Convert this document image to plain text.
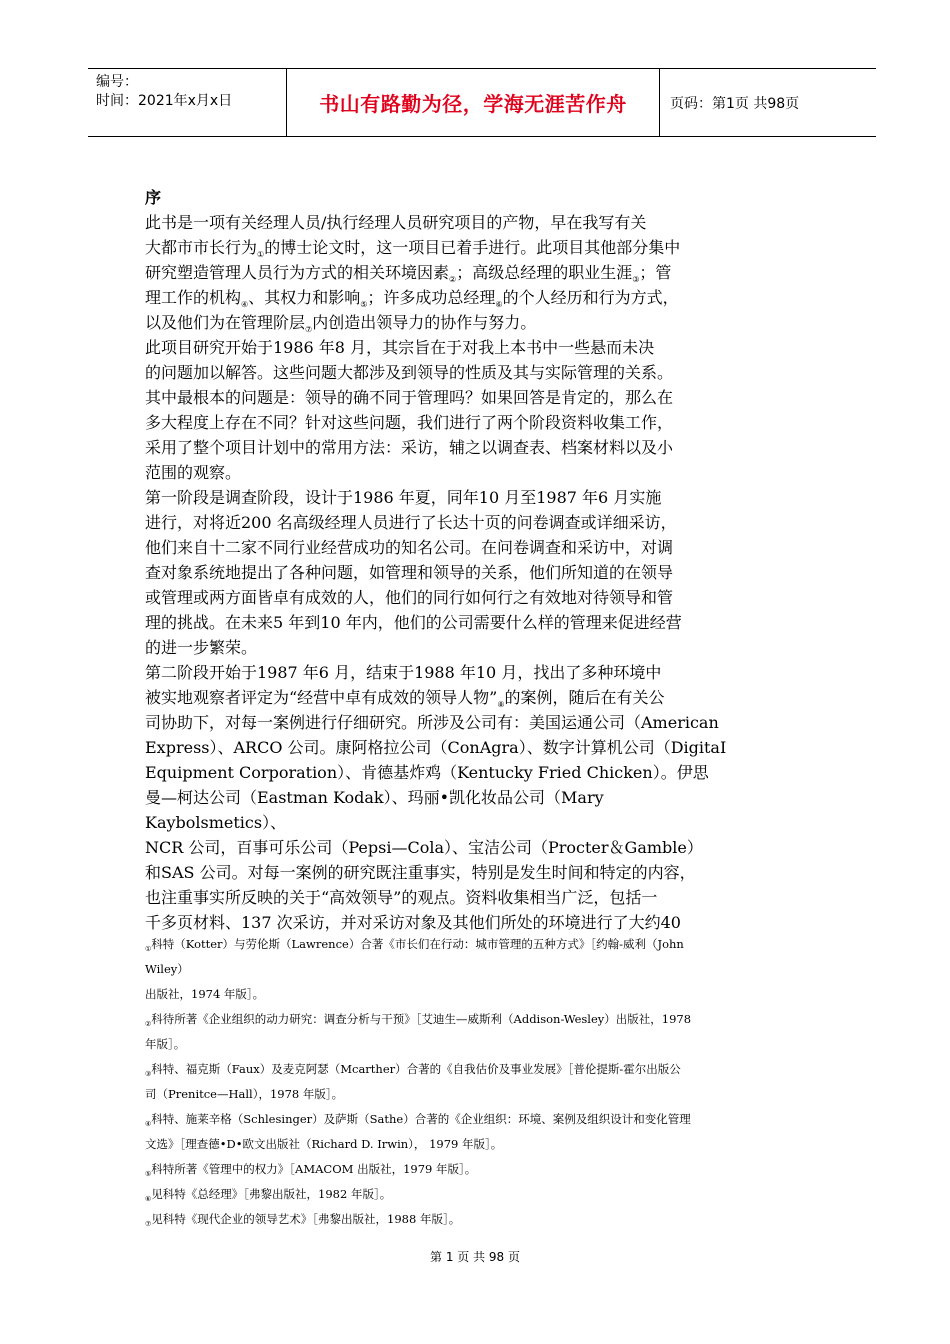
编号：
时间：2021年x月x日	书山有路勤为径，学海无涯苦作舟	页码：第1页 共98页
序
此书是一项有关经理人员/执行经理人员研究项目的产物，早在我写有关
大都市市长行为$_①$的博士论文时，这一项目已着手进行。此项目其他部分集中
研究塑造管理人员行为方式的相关环境因素$_②$；高级总经理的职业生涯$_③$；管
理工作的机构$_④$、其权力和影响$_⑤$；许多成功总经理$_⑥$的个人经历和行为方式，
以及他们为在管理阶层$_⑦$内创造出领导力的协作与努力。
此项目研究开始于1986 年8 月，其宗旨在于对我上本书中一些悬而未决
的问题加以解答。这些问题大都涉及到领导的性质及其与实际管理的关系。
其中最根本的问题是：领导的确不同于管理吗？如果回答是肯定的，那么在
多大程度上存在不同？针对这些问题，我们进行了两个阶段资料收集工作，
采用了整个项目计划中的常用方法：采访，辅之以调查表、档案材料以及小
范围的观察。
第一阶段是调查阶段，设计于1986 年夏，同年10 月至1987 年6 月实施
进行，对将近200 名高级经理人员进行了长达十页的问卷调查或详细采访，
他们来自十二家不同行业经营成功的知名公司。在问卷调查和采访中，对调
查对象系统地提出了各种问题，如管理和领导的关系，他们所知道的在领导
或管理或两方面皆卓有成效的人，他们的同行如何行之有效地对待领导和管
理的挑战。在未来5 年到10 年内，他们的公司需要什么样的管理来促进经营
的进一步繁荣。
第二阶段开始于1987 年6 月，结束于1988 年10 月，找出了多种环境中
被实地观察者评定为“经营中卓有成效的领导人物$”_⑧$的案例，随后在有关公
司协助下，对每一案例进行仔细研究。所涉及公司有：美国运通公司（American
Express）、ARCO 公司。康阿格拉公司（ConAgra）、数字计算机公司（DigitaI
Equipment Corporation）、肯德基炸鸡（Kentucky Fried Chicken）。伊思
曼—柯达公司（Eastman Kodak）、玛丽•凯化妆品公司（Mary
Kaybolsmetics）、
NCR 公司，百事可乐公司（Pepsi—Cola）、宝洁公司（Procter＆Gamble）
和SAS 公司。对每一案例的研究既注重事实，特别是发生时间和特定的内容，
也注重事实所反映的关于“高效领导”的观点。资料收集相当广泛，包括一
千多页材料、137 次采访，并对采访对象及其他们所处的环境进行了大约40
$_①$科特（Kotter）与劳伦斯（Lawrence）合著《市长们在行动：城市管理的五种方式》［约翰-威利（John
Wiley）
出版社，1974 年版］。
$_②$科待所著《企业组织的动力研究：调查分析与干预》［艾迪生—威斯利（Addison-Wesley）出版社，1978
年版］。
$_③$科特、福克斯（Faux）及麦克阿瑟（Mcarther）合著的《自我估价及事业发展》［普伦提斯-霍尔出版公
司（Prenitce—Hall），1978 年版］。
$_④$科特、施莱辛格（Schlesinger）及萨斯（Sathe）合著的《企业组织：环境、案例及组织设计和变化管理
文选》［理查德•D•欧文出版社（Richard D. Irwin）， 1979 年版］。
$_⑤$科特所著《管理中的权力》［AMACOM 出版社，1979 年版］。
$_⑥$见科特《总经理》［弗黎出版社，1982 年版］。
$_⑦$见科特《现代企业的领导艺术》［弗黎出版社，1988 年版］。
第 1 页 共 98 页
